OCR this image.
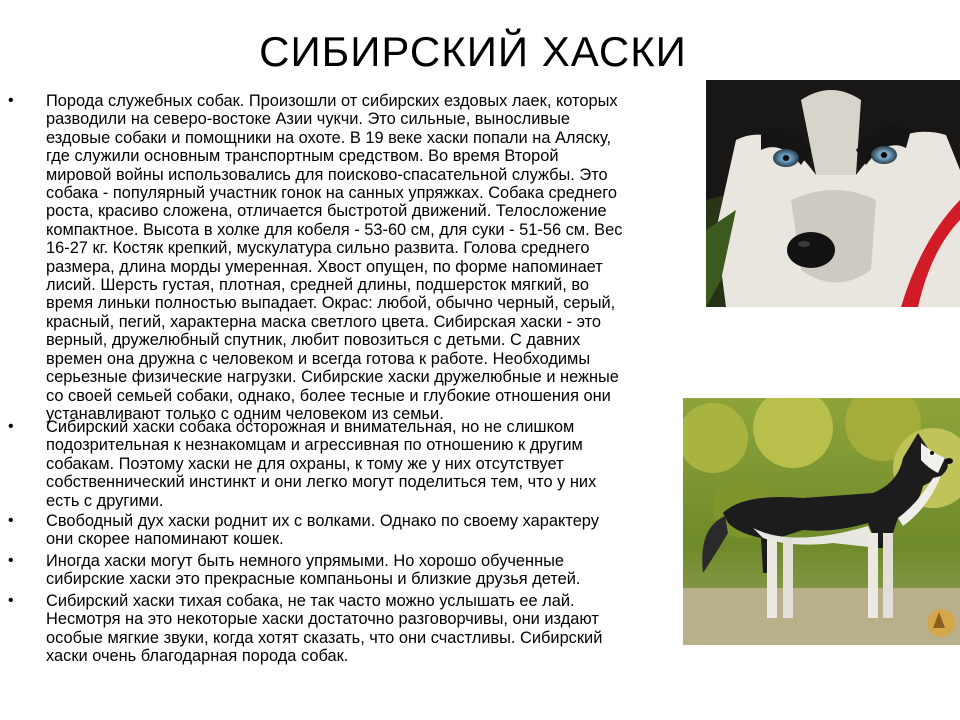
СИБИРСКИЙ ХАСКИ
• Порода служебных собак. Произошли от сибирских ездовых лаек, которых
разводили на северо-востоке Азии чукчи. Это сильные, выносливые
ездовые собаки и помощники на охоте. В 19 веке хаски попали на Аляску,
где служили основным транспортным средством. Во время Второй
мировой войны использовались для поисково-спасательной службы. Это
собака - популярный участник гонок на санных упряжках. Собака среднего
роста, красиво сложена, отличается быстротой движений. Телосложение
компактное. Высота в холке для кобеля - 53-60 см, для суки - 51-56 см. Вес
16-27 кг. Костяк крепкий, мускулатура сильно развита. Голова среднего
размера, длина морды умеренная. Хвост опущен, по форме напоминает
лисий. Шерсть густая, плотная, средней длины, подшерсток мягкий, во
время линьки полностью выпадает. Окрас: любой, обычно черный, серый,
красный, пегий, характерна маска светлого цвета. Сибирская хаски - это
верный, дружелюбный спутник, любит повозиться с детьми. С давних
времен она дружна с человеком и всегда готова к работе. Необходимы
серьезные физические нагрузки. Сибирские хаски дружелюбные и нежные
со своей семьей собаки, однако, более тесные и глубокие отношения они
устанавливают только с одним человеком из семьи.
• Сибирский хаски собака осторожная и внимательная, но не слишком
подозрительная к незнакомцам и агрессивная по отношению к другим
собакам. Поэтому хаски не для охраны, к тому же у них отсутствует
собственнический инстинкт и они легко могут поделиться тем, что у них
есть с другими.
• Свободный дух хаски роднит их с волками. Однако по своему характеру
они скорее напоминают кошек.
• Иногда хаски могут быть немного упрямыми. Но хорошо обученные
сибирские хаски это прекрасные компаньоны и близкие друзья детей.
• Сибирский хаски тихая собака, не так часто можно услышать ее лай.
Несмотря на это некоторые хаски достаточно разговорчивы, они издают
особые мягкие звуки, когда хотят сказать, что они счастливы. Сибирский
хаски очень благодарная порода собак.
